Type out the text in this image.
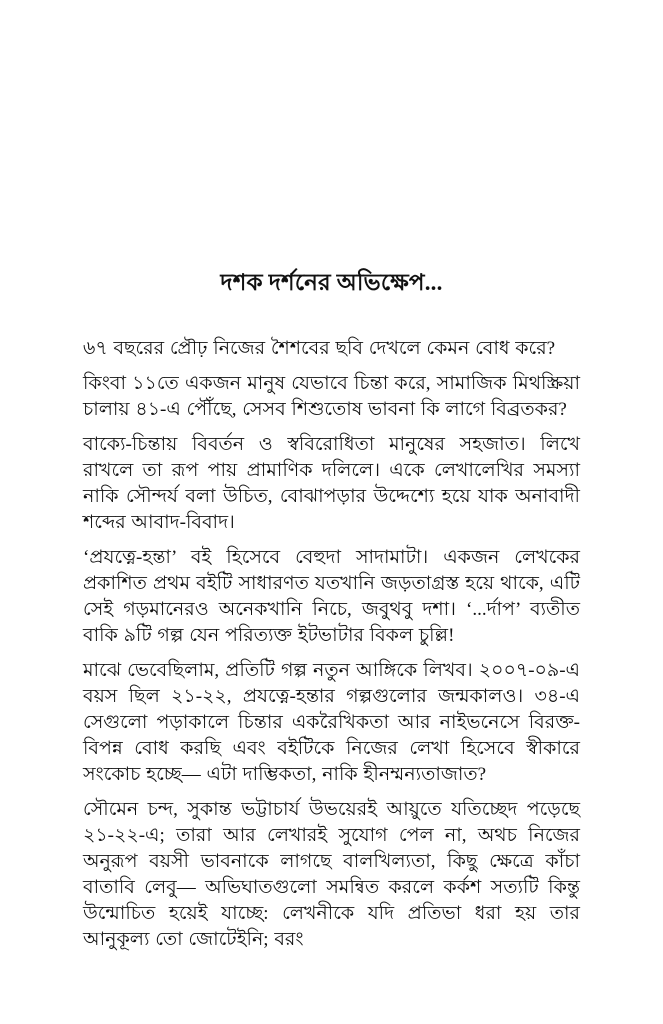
দশক দর্শনের অভিক্ষেপ...

৬৭ বছরের প্রৌঢ় নিজের শৈশবের ছবি দেখলে কেমন বোধ করে?

কিংবা ১১তে একজন মানুষ যেভাবে চিন্তা করে, সামাজিক মিথস্ক্রিয়া চালায় ৪১-এ পৌঁছে, সেসব শিশুতোষ ভাবনা কি লাগে বিব্রতকর?

বাক্যে-চিন্তায় বিবর্তন ও স্ববিরোধিতা মানুষের সহজাত। লিখে রাখলে তা রূপ পায় প্রামাণিক দলিলে। একে লেখালেখির সমস্যা নাকি সৌন্দর্য বলা উচিত, বোঝাপড়ার উদ্দেশ্যে হয়ে যাক অনাবাদী শব্দের আবাদ-বিবাদ।

‘প্রযত্নে-হন্তা’ বই হিসেবে বেহুদা সাদামাটা। একজন লেখকের প্রকাশিত প্রথম বইটি সাধারণত যতখানি জড়তাগ্রস্ত হয়ে থাকে, এটি সেই গড়মানেরও অনেকখানি নিচে, জবুথবু দশা। ‘...র্দাপ’ ব্যতীত বাকি ৯টি গল্প যেন পরিত্যক্ত ইটভাটার বিকল চুল্লি!

মাঝে ভেবেছিলাম, প্রতিটি গল্প নতুন আঙ্গিকে লিখব। ২০০৭-০৯-এ বয়স ছিল ২১-২২, প্রযত্নে-হন্তার গল্পগুলোর জন্মকালও। ৩৪-এ সেগুলো পড়াকালে চিন্তার একরৈখিকতা আর নাইভনেসে বিরক্ত-বিপন্ন বোধ করছি এবং বইটিকে নিজের লেখা হিসেবে স্বীকারে সংকোচ হচ্ছে— এটা দাম্ভিকতা, নাকি হীনম্মন্যতাজাত?

সৌমেন চন্দ, সুকান্ত ভট্টাচার্য উভয়েরই আয়ুতে যতিচ্ছেদ পড়েছে ২১-২২-এ; তারা আর লেখারই সুযোগ পেল না, অথচ নিজের অনুরূপ বয়সী ভাবনাকে লাগছে বালখিল্যতা, কিছু ক্ষেত্রে কাঁচা বাতাবি লেবু— অভিঘাতগুলো সমন্বিত করলে কর্কশ সত্যটি কিন্তু উন্মোচিত হয়েই যাচ্ছে: লেখনীকে যদি প্রতিভা ধরা হয় তার আনুকূল্য তো জোটেইনি; বরং
